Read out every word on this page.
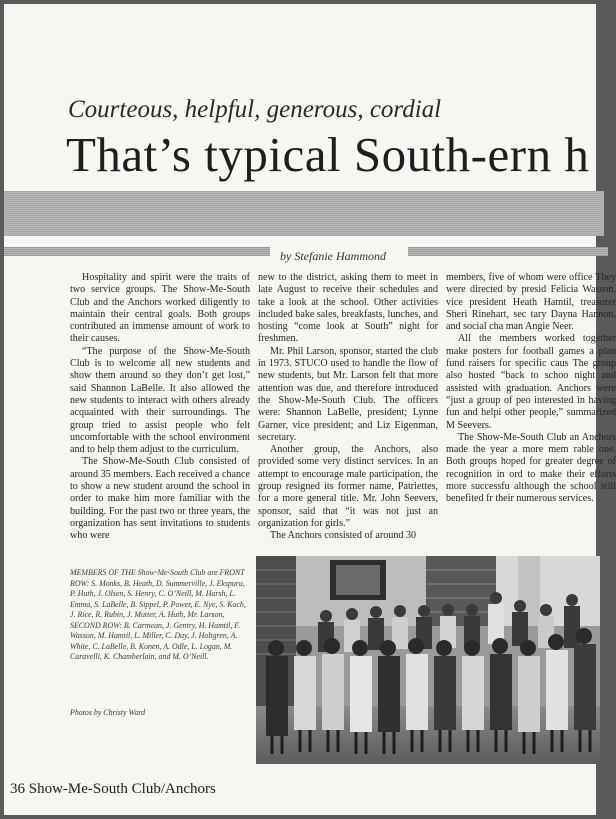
Courteous, helpful, generous, cordial
That’s typical South-ern h
by Stefanie Hammond

Hospitality and spirit were the traits of two service groups. The Show-Me-South Club and the Anchors worked diligently to maintain their central goals. Both groups contributed an immense amount of work to their causes.

“The purpose of the Show-Me-South Club is to welcome all new students and show them around so they don’t get lost,” said Shannon LaBelle. It also allowed the new students to interact with others already acquainted with their surroundings. The group tried to assist people who felt uncomfortable with the school environment and to help them adjust to the curriculum.

The Show-Me-South Club consisted of around 35 members. Each received a chance to show a new student around the school in order to make him more familiar with the building. For the past two or three years, the organization has sent invitations to students who were

new to the district, asking them to meet in late August to receive their schedules and take a look at the school. Other activities included bake sales, breakfasts, lunches, and hosting “come look at South” night for freshmen.

Mr. Phil Larson, sponsor, started the club in 1973. STUCO used to handle the flow of new students, but Mr. Larson felt that more attention was due, and therefore introduced the Show-Me-South Club. The officers were: Shannon LaBelle, president; Lynne Garner, vice president; and Liz Eigenman, secretary.

Another group, the Anchors, also provided some very distinct services. In an attempt to encourage male participation, the group resigned its former name, Patriettes, for a more general title. Mr. John Seevers, sponsor, said that “it was not just an organization for girls.”

The Anchors consisted of around 30

members, five of whom were office They were directed by presid Felicia Wasson, vice president Heath Hamtil, treasurer Sheri Rinehart, sec tary Dayna Hannon, and social cha man Angie Neer.

All the members worked together make posters for football games a plan fund raisers for specific caus The group also hosted “back to schoo night and assisted with graduation. Anchors were “just a group of peo interested in having fun and helpi other people,” summarized M Seevers.

The Show-Me-South Club an Anchors made the year a more mem rable one. Both groups hoped for greater degree of recognition in ord to make their efforts more successfu although the school still benefited fr their numerous services.

MEMBERS OF THE Show-Me-South Club are FRONT ROW: S. Monks, B. Heath, D. Summerville, J. Ekspuru, P. Huth, J. Olsen, S. Henry, C. O’Neill, M. Harsh, L. Emma, S. LaBelle, B. Sippel, P. Power, E. Nye, S. Koch, J. Rice, R. Rubin, J. Mutter, A. Huth, Mr. Larson, SECOND ROW: B. Carmean, J. Gentry, H. Hamtil, F. Wasson, M. Hamtil, L. Miller, C. Day, J. Holtgren, A. White, C. LaBelle, B. Konen, A. Odle, L. Logan, M. Caravelli, K. Chamberlain, and M. O’Neill.

Photos by Christy Ward
36 Show-Me-South Club/Anchors
